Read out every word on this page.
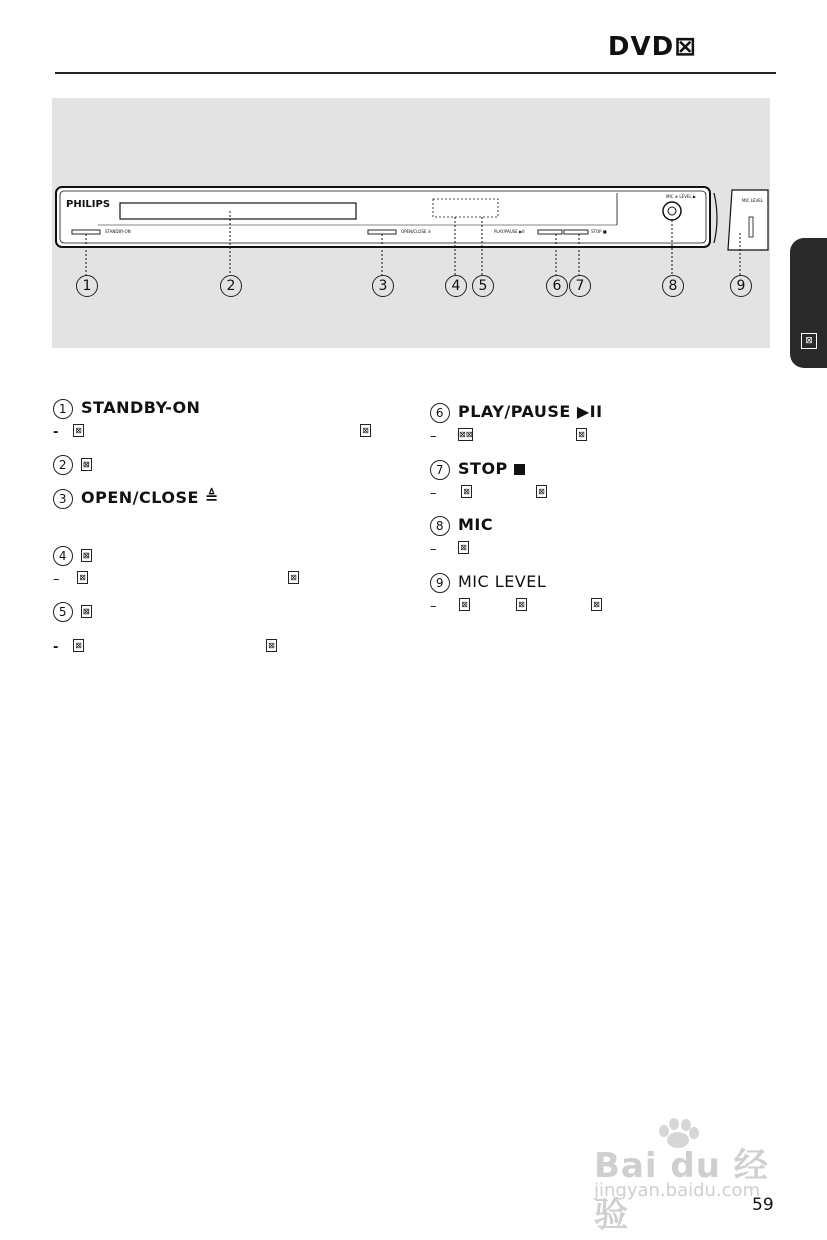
DVD⊠
⊠
PHILIPS
STANDBY-ON	OPEN/CLOSE ≜	PLAY/PAUSE ▶II	STOP ■
MIC ⊕ LEVEL ▶
MIC LEVEL
1	2	3	4	5	6	7	8	9
1 STANDBY-ON
- ⊠	⊠
2 ⊠
3 OPEN/CLOSE ≜
4 ⊠
– ⊠	⊠
5 ⊠
- ⊠	⊠
6 PLAY/PAUSE ▶II
–	⊠⊠	⊠
7 STOP
–	⊠	⊠
8 MIC
–	⊠
9 MIC LEVEL
–	⊠	⊠	⊠
Bai du 经验
jingyan.baidu.com
59
